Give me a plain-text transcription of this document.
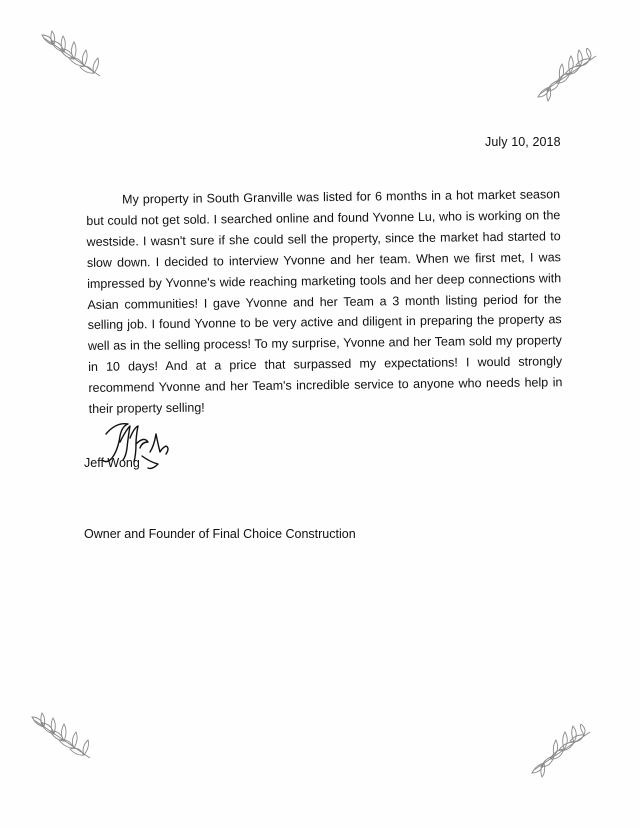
July 10, 2018

My property in South Granville was listed for 6 months in a hot market season but could not get sold. I searched online and found Yvonne Lu, who is working on the westside. I wasn't sure if she could sell the property, since the market had started to slow down. I decided to interview Yvonne and her team. When we first met, I was impressed by Yvonne's wide reaching marketing tools and her deep connections with Asian communities! I gave Yvonne and her Team a 3 month listing period for the selling job. I found Yvonne to be very active and diligent in preparing the property as well as in the selling process! To my surprise, Yvonne and her Team sold my property in 10 days! And at a price that surpassed my expectations! I would strongly recommend Yvonne and her Team's incredible service to anyone who needs help in their property selling!

Jeff Wong
Owner and Founder of Final Choice Construction
